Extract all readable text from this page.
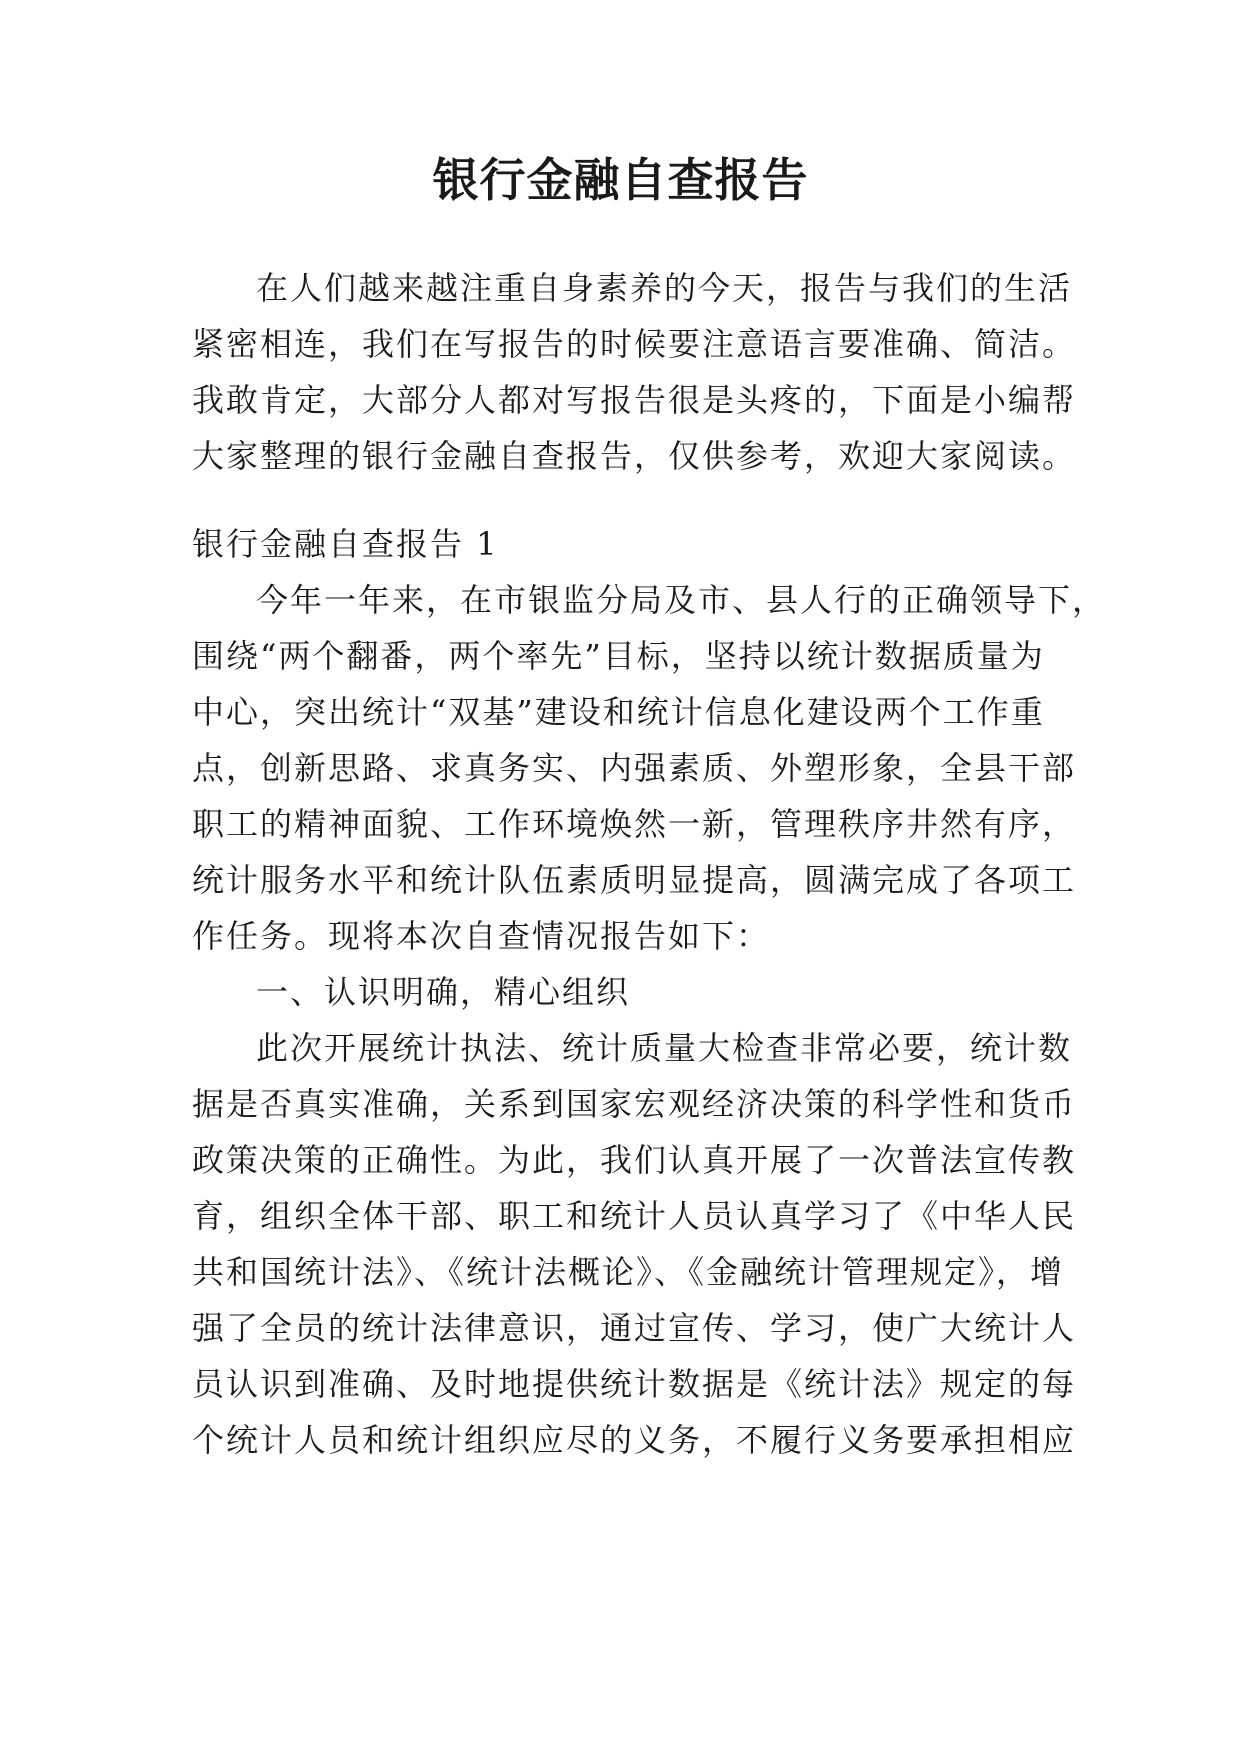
银行金融自查报告
在人们越来越注重自身素养的今天，报告与我们的生活
紧密相连，我们在写报告的时候要注意语言要准确、简洁。
我敢肯定，大部分人都对写报告很是头疼的，下面是小编帮
大家整理的银行金融自查报告，仅供参考，欢迎大家阅读。
银行金融自查报告 1
今年一年来，在市银监分局及市、县人行的正确领导下，
围绕“两个翻番，两个率先”目标，坚持以统计数据质量为
中心，突出统计“双基”建设和统计信息化建设两个工作重
点，创新思路、求真务实、内强素质、外塑形象，全县干部
职工的精神面貌、工作环境焕然一新，管理秩序井然有序，
统计服务水平和统计队伍素质明显提高，圆满完成了各项工
作任务。现将本次自查情况报告如下：
一、认识明确，精心组织
此次开展统计执法、统计质量大检查非常必要，统计数
据是否真实准确，关系到国家宏观经济决策的科学性和货币
政策决策的正确性。为此，我们认真开展了一次普法宣传教
育，组织全体干部、职工和统计人员认真学习了《中华人民
共和国统计法》、《统计法概论》、《金融统计管理规定》，增
强了全员的统计法律意识，通过宣传、学习，使广大统计人
员认识到准确、及时地提供统计数据是《统计法》规定的每
个统计人员和统计组织应尽的义务，不履行义务要承担相应
